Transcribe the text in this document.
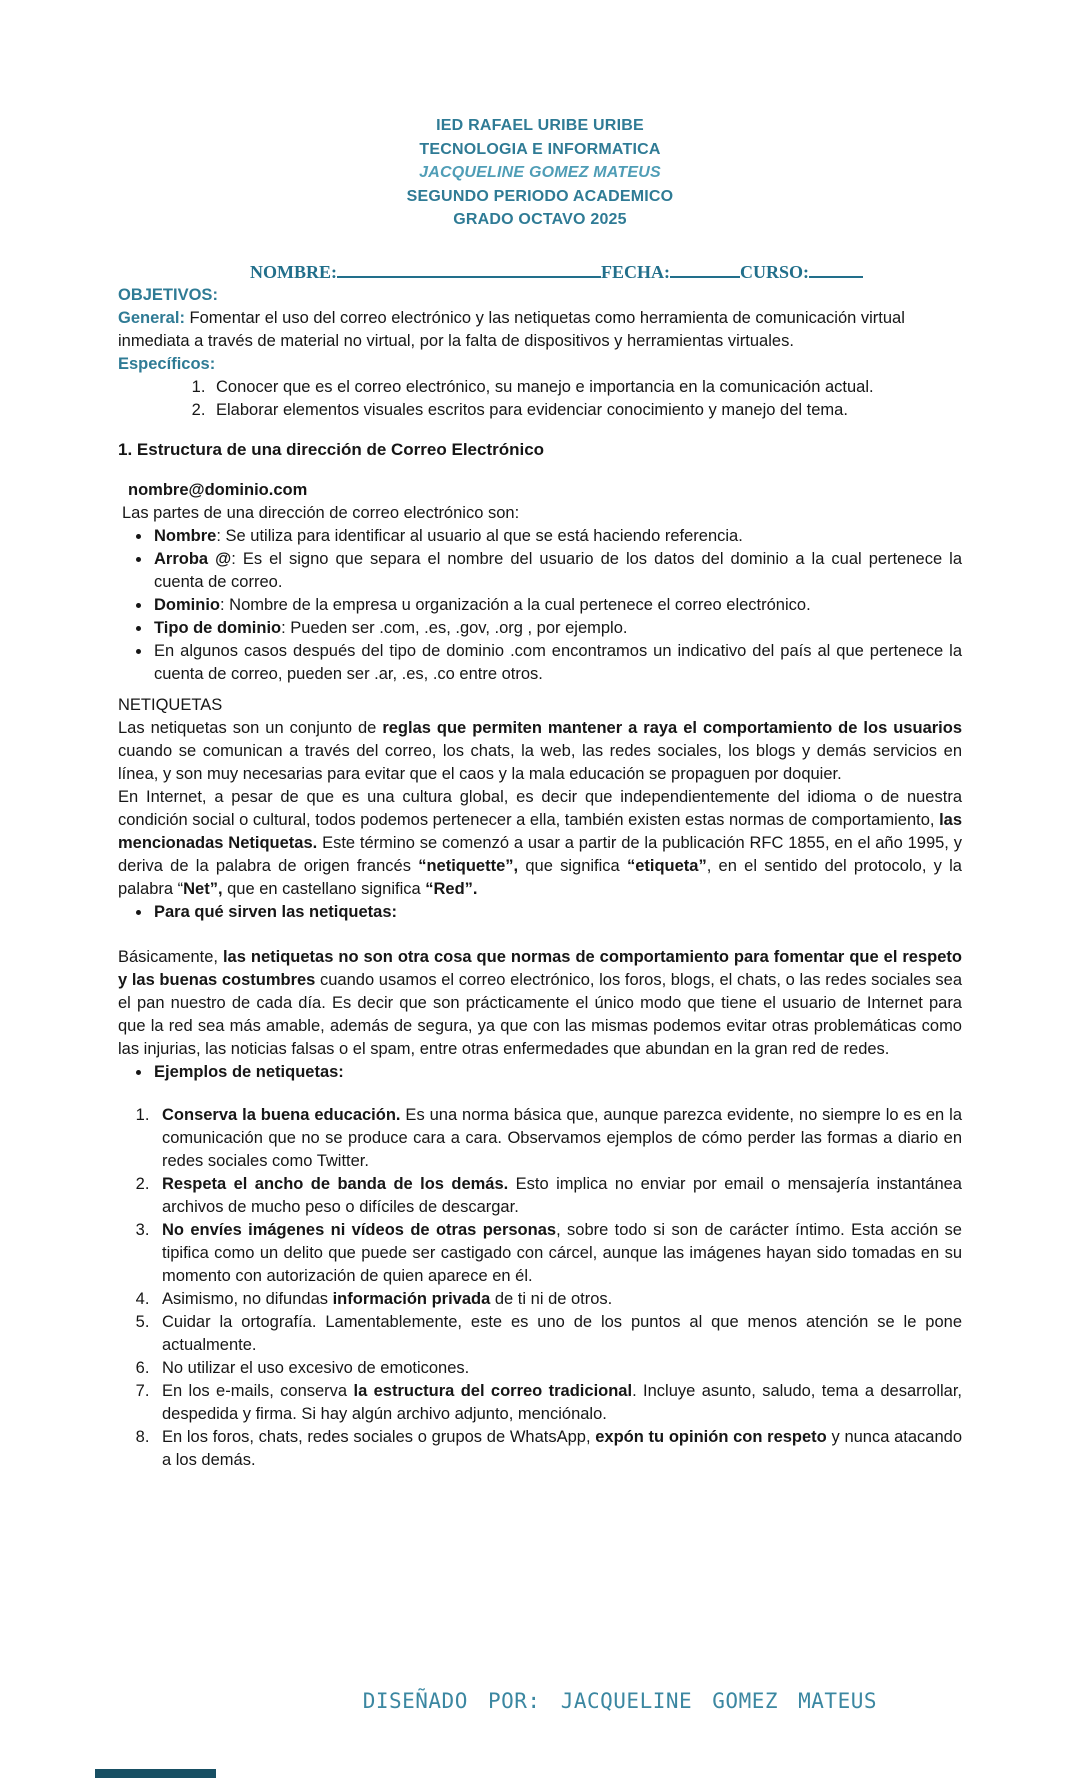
IED RAFAEL URIBE URIBE
TECNOLOGIA E INFORMATICA
JACQUELINE GOMEZ MATEUS
SEGUNDO PERIODO ACADEMICO
GRADO OCTAVO 2025
NOMBRE:	FECHA:	CURSO:

OBJETIVOS:

General: Fomentar el uso del correo electrónico y las netiquetas como herramienta de comunicación virtual inmediata a través de material no virtual, por la falta de dispositivos y herramientas virtuales.

Específicos:

1. Conocer que es el correo electrónico, su manejo e importancia en la comunicación actual.
2. Elaborar elementos visuales escritos para evidenciar conocimiento y manejo del tema.

1. Estructura de una dirección de Correo Electrónico

nombre@dominio.com

Las partes de una dirección de correo electrónico son:

• Nombre: Se utiliza para identificar al usuario al que se está haciendo referencia.
• Arroba @: Es el signo que separa el nombre del usuario de los datos del dominio a la cual pertenece la cuenta de correo.
• Dominio: Nombre de la empresa u organización a la cual pertenece el correo electrónico.
• Tipo de dominio: Pueden ser .com, .es, .gov, .org , por ejemplo.
• En algunos casos después del tipo de dominio .com encontramos un indicativo del país al que pertenece la cuenta de correo, pueden ser .ar, .es, .co entre otros.

NETIQUETAS

Las netiquetas son un conjunto de reglas que permiten mantener a raya el comportamiento de los usuarios cuando se comunican a través del correo, los chats, la web, las redes sociales, los blogs y demás servicios en línea, y son muy necesarias para evitar que el caos y la mala educación se propaguen por doquier.

En Internet, a pesar de que es una cultura global, es decir que independientemente del idioma o de nuestra condición social o cultural, todos podemos pertenecer a ella, también existen estas normas de comportamiento, las mencionadas Netiquetas. Este término se comenzó a usar a partir de la publicación RFC 1855, en el año 1995, y deriva de la palabra de origen francés “netiquette”, que significa “etiqueta”, en el sentido del protocolo, y la palabra “Net”, que en castellano significa “Red”.

• Para qué sirven las netiquetas:

Básicamente, las netiquetas no son otra cosa que normas de comportamiento para fomentar que el respeto y las buenas costumbres cuando usamos el correo electrónico, los foros, blogs, el chats, o las redes sociales sea el pan nuestro de cada día. Es decir que son prácticamente el único modo que tiene el usuario de Internet para que la red sea más amable, además de segura, ya que con las mismas podemos evitar otras problemáticas como las injurias, las noticias falsas o el spam, entre otras enfermedades que abundan en la gran red de redes.

• Ejemplos de netiquetas:
1. Conserva la buena educación. Es una norma básica que, aunque parezca evidente, no siempre lo es en la comunicación que no se produce cara a cara. Observamos ejemplos de cómo perder las formas a diario en redes sociales como Twitter.
2. Respeta el ancho de banda de los demás. Esto implica no enviar por email o mensajería instantánea archivos de mucho peso o difíciles de descargar.
3. No envíes imágenes ni vídeos de otras personas, sobre todo si son de carácter íntimo. Esta acción se tipifica como un delito que puede ser castigado con cárcel, aunque las imágenes hayan sido tomadas en su momento con autorización de quien aparece en él.
4. Asimismo, no difundas información privada de ti ni de otros.
5. Cuidar la ortografía. Lamentablemente, este es uno de los puntos al que menos atención se le pone actualmente.
6. No utilizar el uso excesivo de emoticones.
7. En los e-mails, conserva la estructura del correo tradicional. Incluye asunto, saludo, tema a desarrollar, despedida y firma. Si hay algún archivo adjunto, menciónalo.
8. En los foros, chats, redes sociales o grupos de WhatsApp, expón tu opinión con respeto y nunca atacando a los demás.
DISEÑADO POR: JACQUELINE GOMEZ MATEUS
